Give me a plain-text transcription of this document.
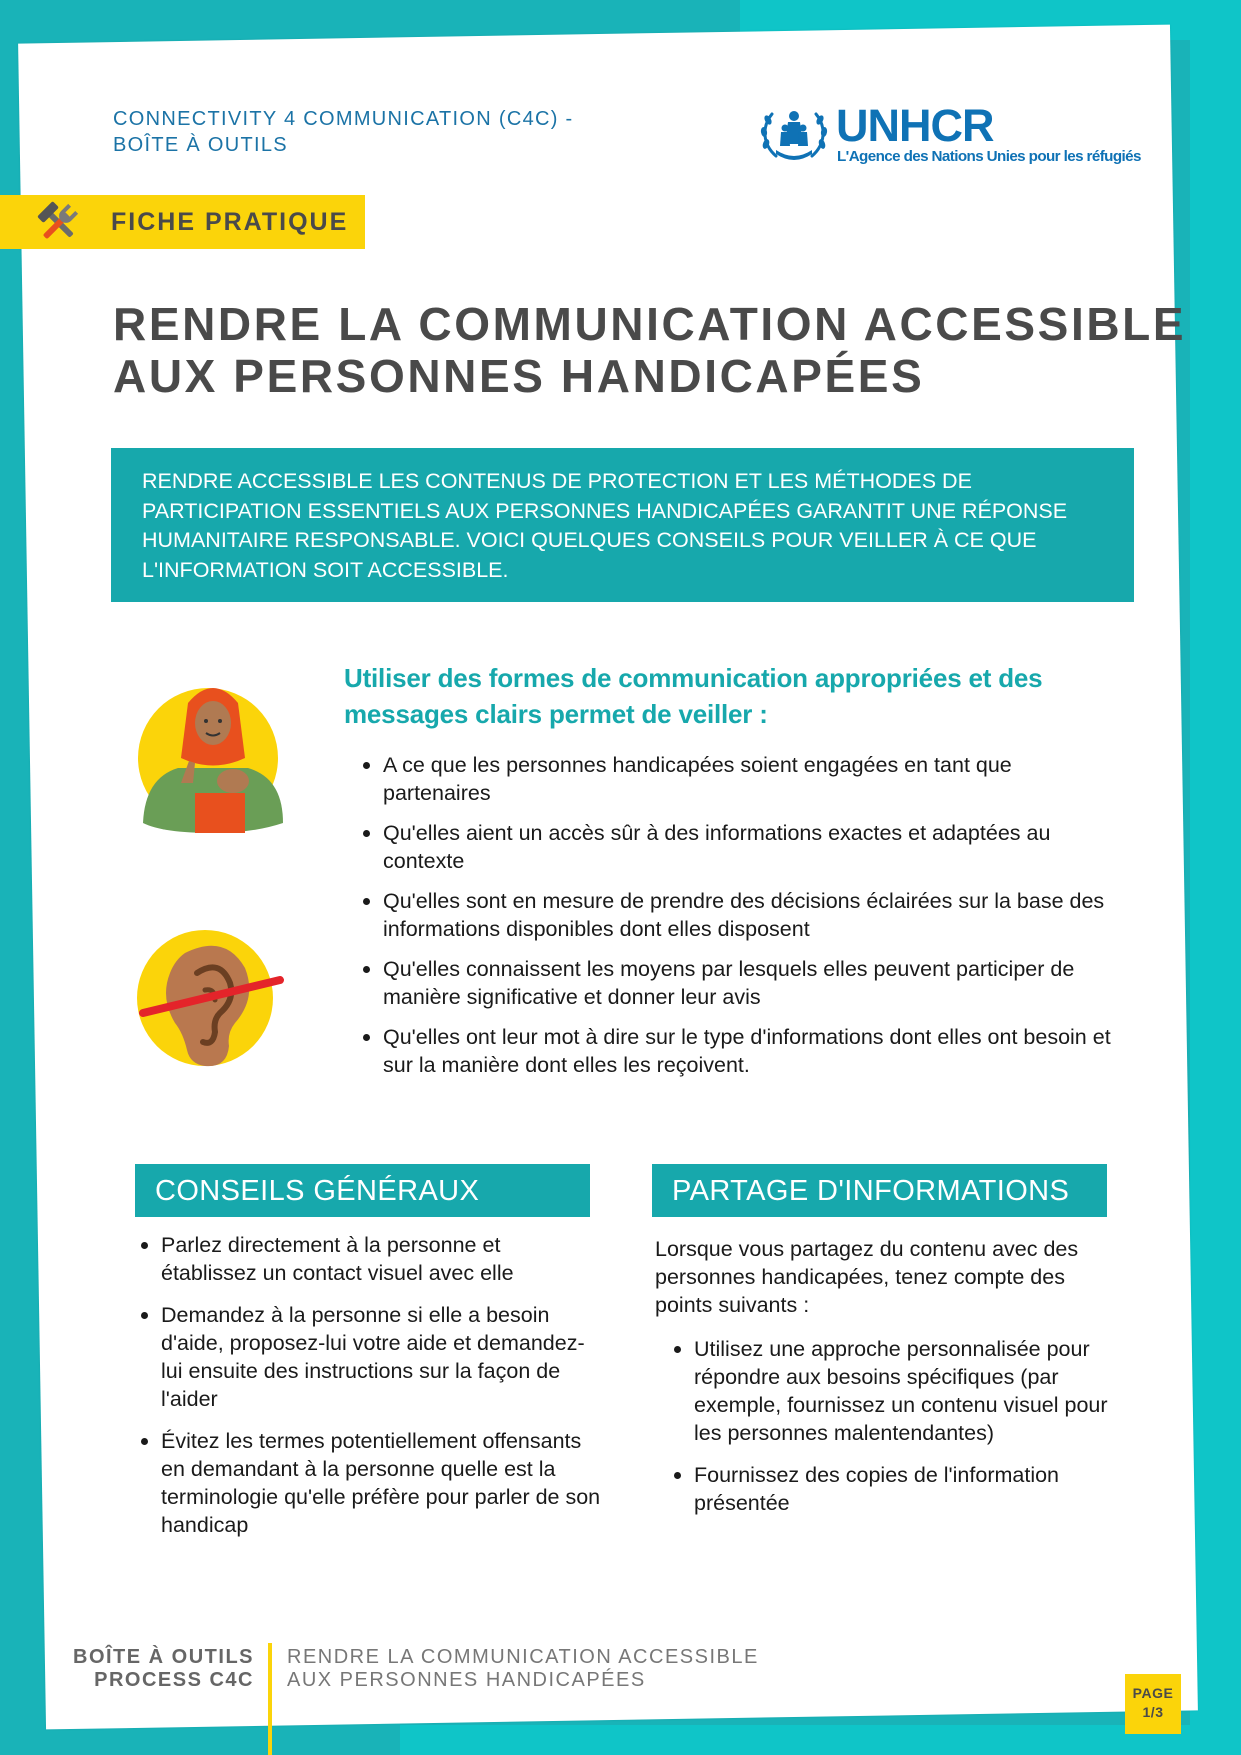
CONNECTIVITY 4 COMMUNICATION (C4C) -
BOÎTE À OUTILS	UNHCR
L'Agence des Nations Unies pour les réfugiés
FICHE PRATIQUE
RENDRE LA COMMUNICATION ACCESSIBLE
AUX PERSONNES HANDICAPÉES

RENDRE ACCESSIBLE LES CONTENUS DE PROTECTION ET LES MÉTHODES DE PARTICIPATION ESSENTIELS AUX PERSONNES HANDICAPÉES GARANTIT UNE RÉPONSE HUMANITAIRE RESPONSABLE. VOICI QUELQUES CONSEILS POUR VEILLER À CE QUE L'INFORMATION SOIT ACCESSIBLE.

Utiliser des formes de communication appropriées et des messages clairs permet de veiller :
A ce que les personnes handicapées soient engagées en tant que partenaires
Qu'elles aient un accès sûr à des informations exactes et adaptées au contexte
Qu'elles sont en mesure de prendre des décisions éclairées sur la base des informations disponibles dont elles disposent
Qu'elles connaissent les moyens par lesquels elles peuvent participer de manière significative et donner leur avis
Qu'elles ont leur mot à dire sur le type d'informations dont elles ont besoin et sur la manière dont elles les reçoivent.
CONSEILS GÉNÉRAUX
Parlez directement à la personne et établissez un contact visuel avec elle
Demandez à la personne si elle a besoin d'aide, proposez-lui votre aide et demandez-lui ensuite des instructions sur la façon de l'aider
Évitez les termes potentiellement offensants en demandant à la personne quelle est la terminologie qu'elle préfère pour parler de son handicap
PARTAGE D'INFORMATIONS

Lorsque vous partagez du contenu avec des personnes handicapées, tenez compte des points suivants :

Utilisez une approche personnalisée pour répondre aux besoins spécifiques (par exemple, fournissez un contenu visuel pour les personnes malentendantes)
Fournissez des copies de l'information présentée
BOÎTE À OUTILS
PROCESS C4C
RENDRE LA COMMUNICATION ACCESSIBLE
AUX PERSONNES HANDICAPÉES
PAGE
1/3
